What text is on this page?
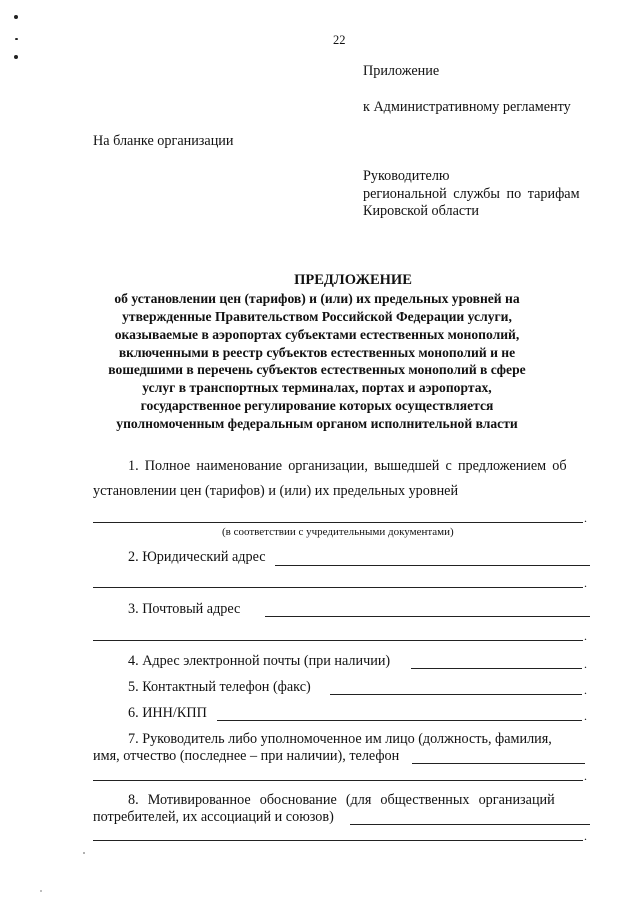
22
Приложение
к Административному регламенту
На бланке организации
Руководителю
региональной службы по тарифам
Кировской области
ПРЕДЛОЖЕНИЕ
об установлении цен (тарифов) и (или) их предельных уровней на
утвержденные Правительством Российской Федерации услуги,
оказываемые в аэропортах субъектами естественных монополий,
включенными в реестр субъектов естественных монополий и не
вошедшими в перечень субъектов естественных монополий в сфере
услуг в транспортных терминалах, портах и аэропортах,
государственное регулирование которых осуществляется
уполномоченным федеральным органом исполнительной власти
1. Полное наименование организации, вышедшей с предложением об
установлении цен (тарифов) и (или) их предельных уровней
.
(в соответствии с учредительными документами)
2. Юридический адрес
.
3. Почтовый адрес
.
4. Адрес электронной почты (при наличии)	.
5. Контактный телефон (факс)	.
6. ИНН/КПП	.
7. Руководитель либо уполномоченное им лицо (должность, фамилия,
имя, отчество (последнее – при наличии), телефон
.
8. Мотивированное обоснование (для общественных организаций
потребителей, их ассоциаций и союзов)
.
